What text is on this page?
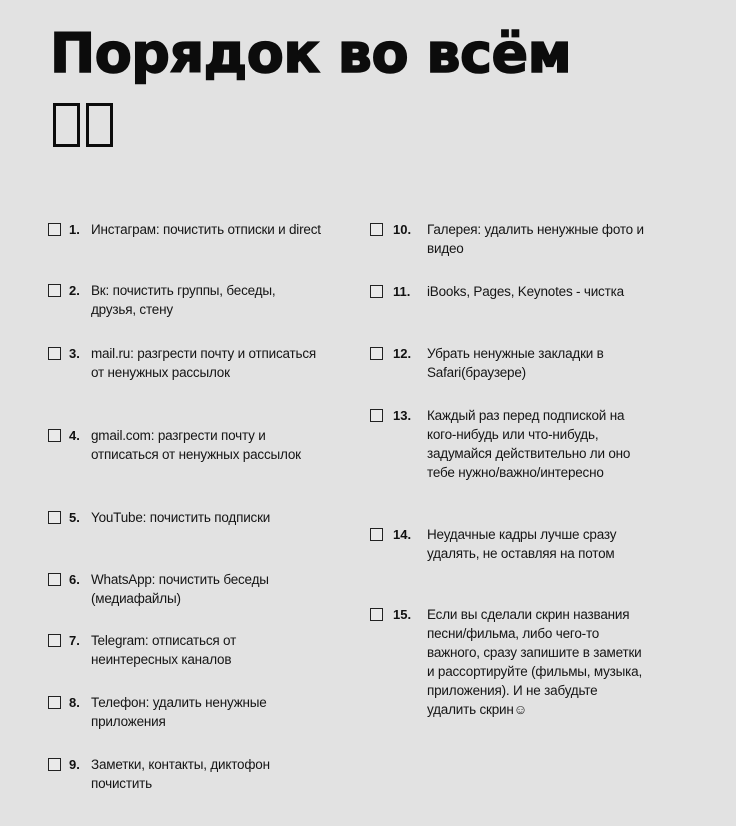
Порядок во всём
1. Инстаграм: почистить отписки и direct
2. Вк: почистить группы, беседы, друзья, стену
3. mail.ru: разгрести почту и отписаться от ненужных рассылок
4. gmail.com: разгрести почту и отписаться от ненужных рассылок
5. YouTube: почистить подписки
6. WhatsApp: почистить беседы (медиафайлы)
7. Telegram: отписаться от неинтересных каналов
8. Телефон: удалить ненужные приложения
9. Заметки, контакты, диктофон почистить
10.	Галерея: удалить ненужные фото и видео
11.	iBooks, Pages, Keynotes - чистка
12.	Убрать ненужные закладки в Safari(браузере)
13.	Каждый раз перед подпиской на кого-нибудь или что-нибудь, задумайся действительно ли оно тебе нужно/важно/интересно
14.	Неудачные кадры лучше сразу удалять, не оставляя на потом
15.	Если вы сделали скрин названия песни/фильма, либо чего-то важного, сразу запишите в заметки и рассортируйте (фильмы, музыка, приложения). И не забудьте удалить скрин☺
